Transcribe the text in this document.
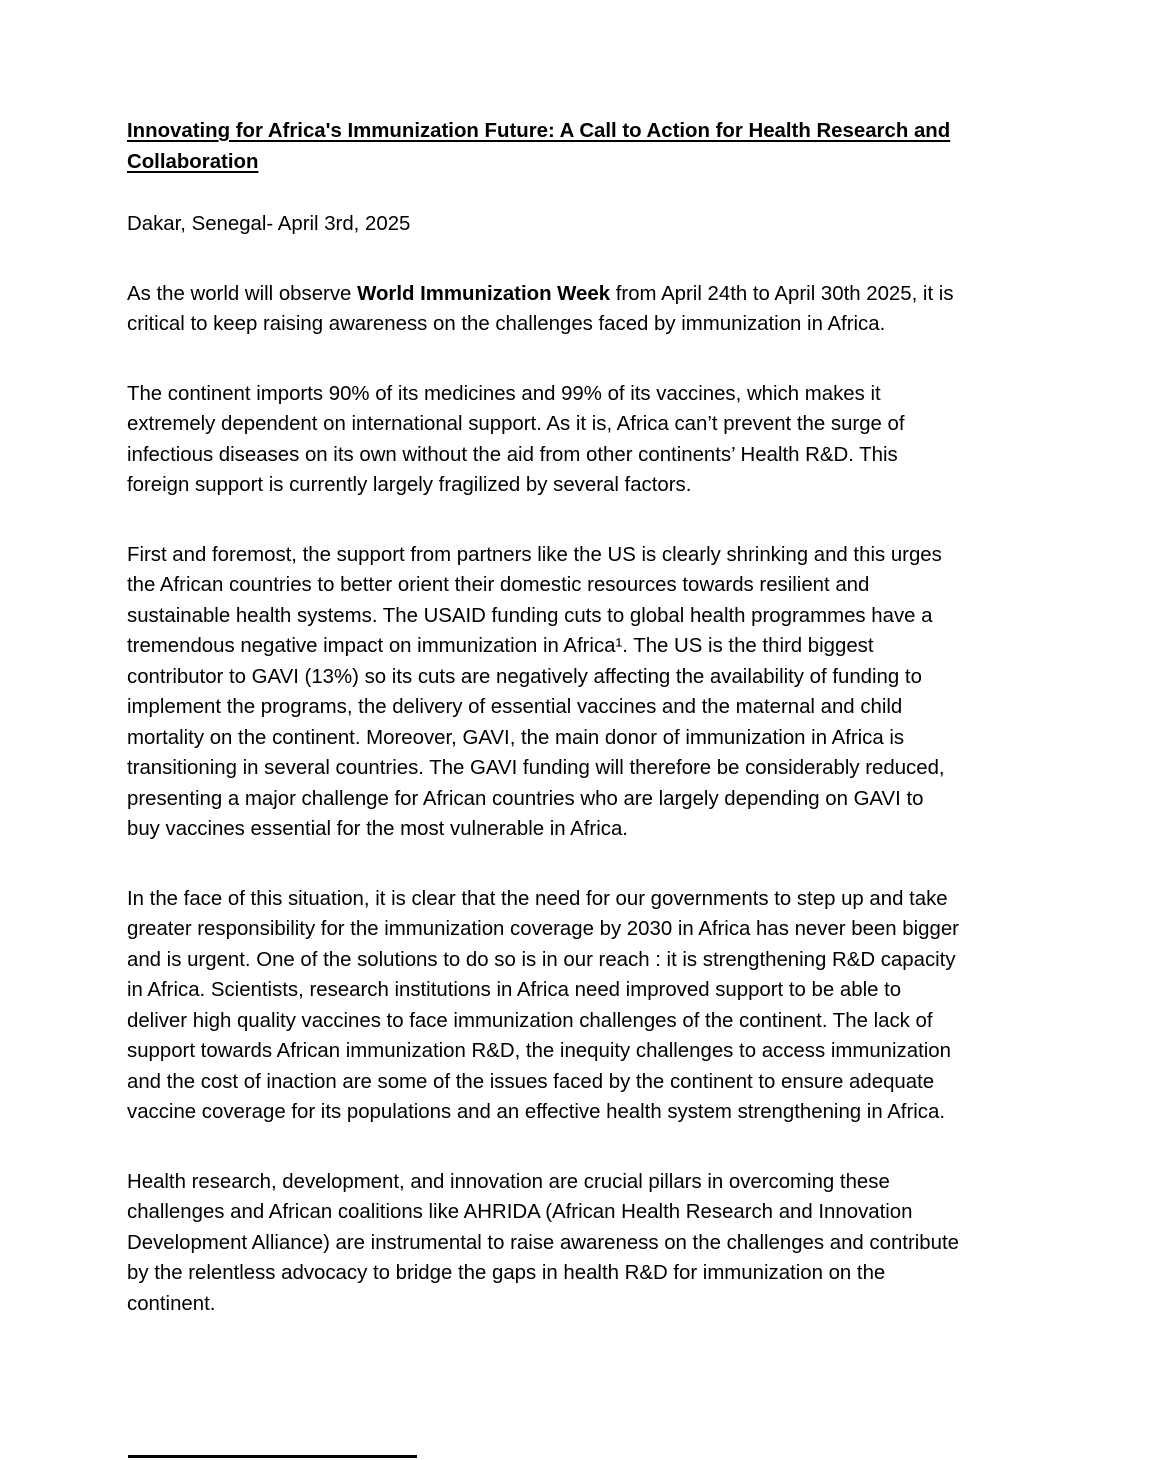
Innovating for Africa's Immunization Future: A Call to Action for Health Research and
Collaboration

Dakar, Senegal- April 3rd, 2025

As the world will observe World Immunization Week from April 24th to April 30th 2025, it is
critical to keep raising awareness on the challenges faced by immunization in Africa.

The continent imports 90% of its medicines and 99% of its vaccines, which makes it
extremely dependent on international support. As it is, Africa can’t prevent the surge of
infectious diseases on its own without the aid from other continents’ Health R&D. This
foreign support is currently largely fragilized by several factors.

First and foremost, the support from partners like the US is clearly shrinking and this urges
the African countries to better orient their domestic resources towards resilient and
sustainable health systems. The USAID funding cuts to global health programmes have a
tremendous negative impact on immunization in Africa¹. The US is the third biggest
contributor to GAVI (13%) so its cuts are negatively affecting the availability of funding to
implement the programs, the delivery of essential vaccines and the maternal and child
mortality on the continent. Moreover, GAVI, the main donor of immunization in Africa is
transitioning in several countries. The GAVI funding will therefore be considerably reduced,
presenting a major challenge for African countries who are largely depending on GAVI to
buy vaccines essential for the most vulnerable in Africa.

In the face of this situation, it is clear that the need for our governments to step up and take
greater responsibility for the immunization coverage by 2030 in Africa has never been bigger
and is urgent. One of the solutions to do so is in our reach : it is strengthening R&D capacity
in Africa. Scientists, research institutions in Africa need improved support to be able to
deliver high quality vaccines to face immunization challenges of the continent. The lack of
support towards African immunization R&D, the inequity challenges to access immunization
and the cost of inaction are some of the issues faced by the continent to ensure adequate
vaccine coverage for its populations and an effective health system strengthening in Africa.

Health research, development, and innovation are crucial pillars in overcoming these
challenges and African coalitions like AHRIDA (African Health Research and Innovation
Development Alliance) are instrumental to raise awareness on the challenges and contribute
by the relentless advocacy to bridge the gaps in health R&D for immunization on the
continent.
